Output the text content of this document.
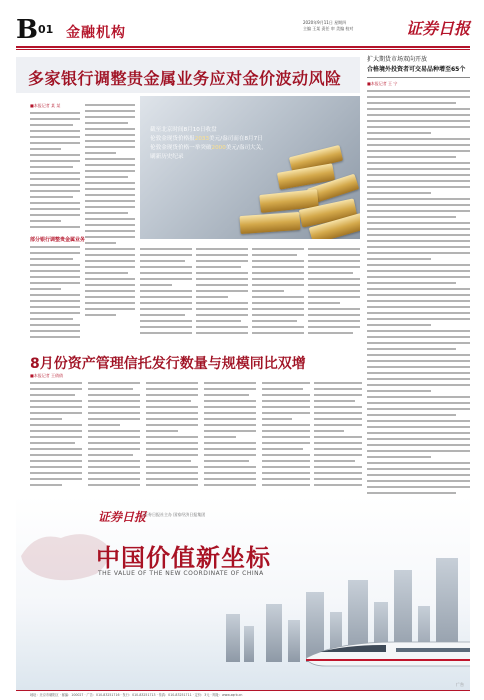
B 01 金融机构
2020年9月11日 星期四
主编 王某 责任 审 美编 校对	证券日报
多家银行调整贵金属业务应对金价波动风险
■本报记者 某 某
部分银行调整贵金属业务
截至北京时间8月10日收盘
伦敦金现货价格报2033美元/盎司而在8月7日
伦敦金现货价格一举突破2000美元/盎司大关，
刷新历史纪录
扩大期货市场双向开放
合格境外投资者可交易品种增至65个
■本报记者 王 宁
8月份资产管理信托发行数量与规模同比双增
■本报记者 王倩倩
证券日报
证券日报社主办 国家经济日报集团
中国价值新坐标
THE VALUE OF THE NEW COORDINATE OF CHINA
广告
地址：北京市朝阳区 · 邮编：100027 · 广告：010-83251716 · 发行：010-83251713 · 传真：010-83251711 · 定价：3元 · 网址：www.zqrb.cn
